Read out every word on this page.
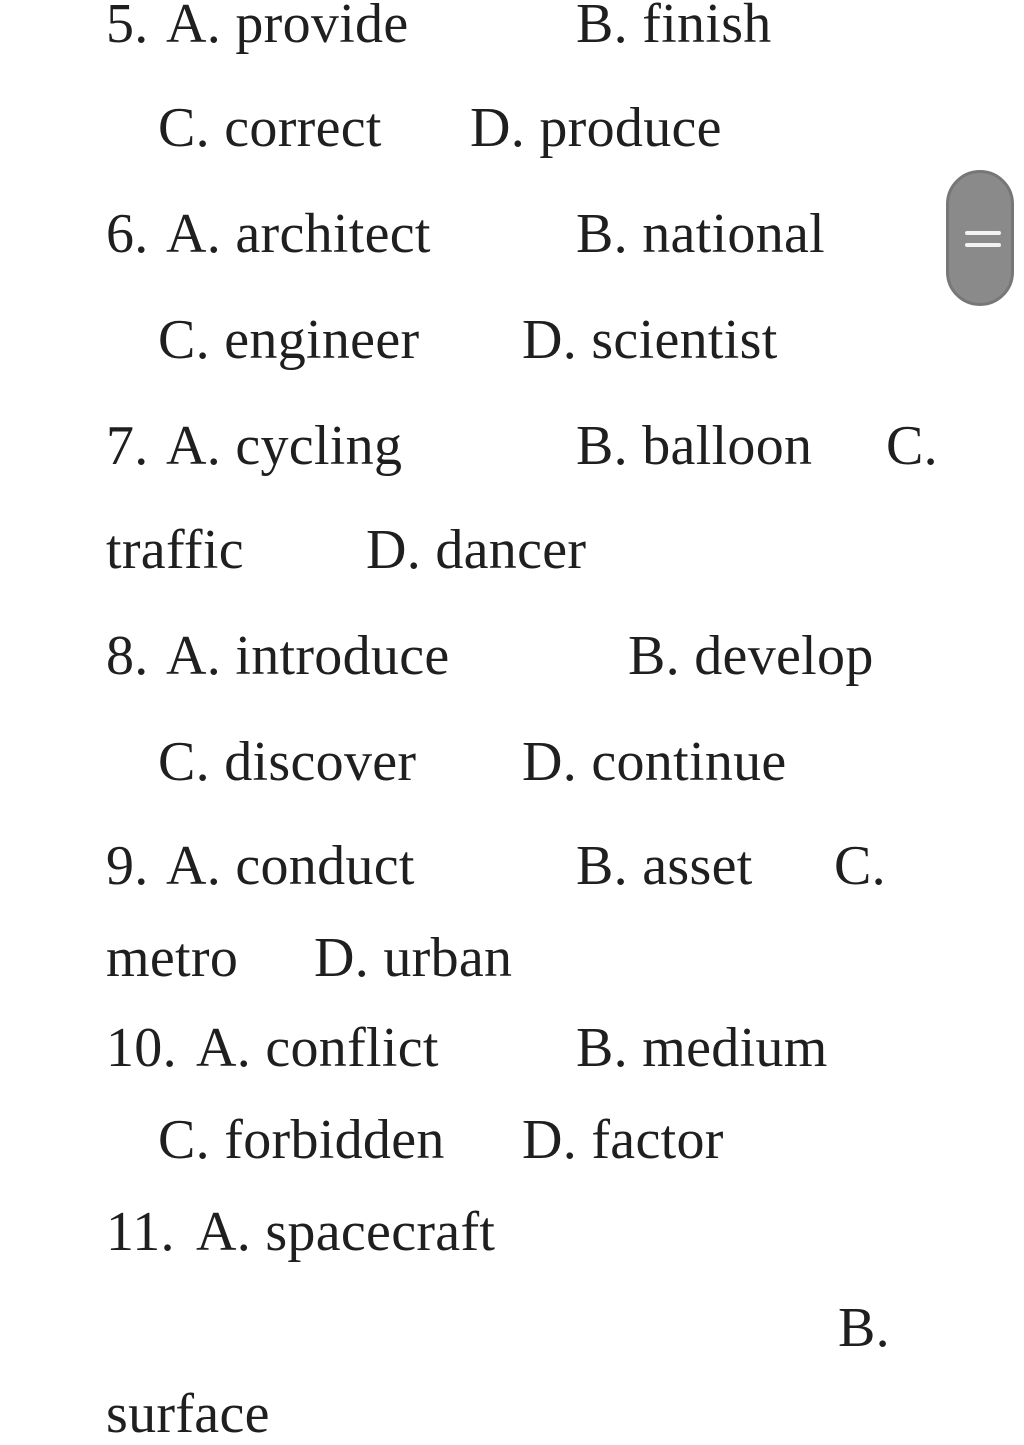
5. A. provide	B. finish
C. correct D. produce
6. A. architect	B. national
C. engineer D. scientist
7. A. cycling	B. balloon C.
traffic D. dancer
8. A. introduce	B. develop
C. discover D. continue
9. A. conduct	B. asset C.
metro D. urban
10. A. conflict B. medium
C. forbidden D. factor
11. A. spacecraft
B.
surface
